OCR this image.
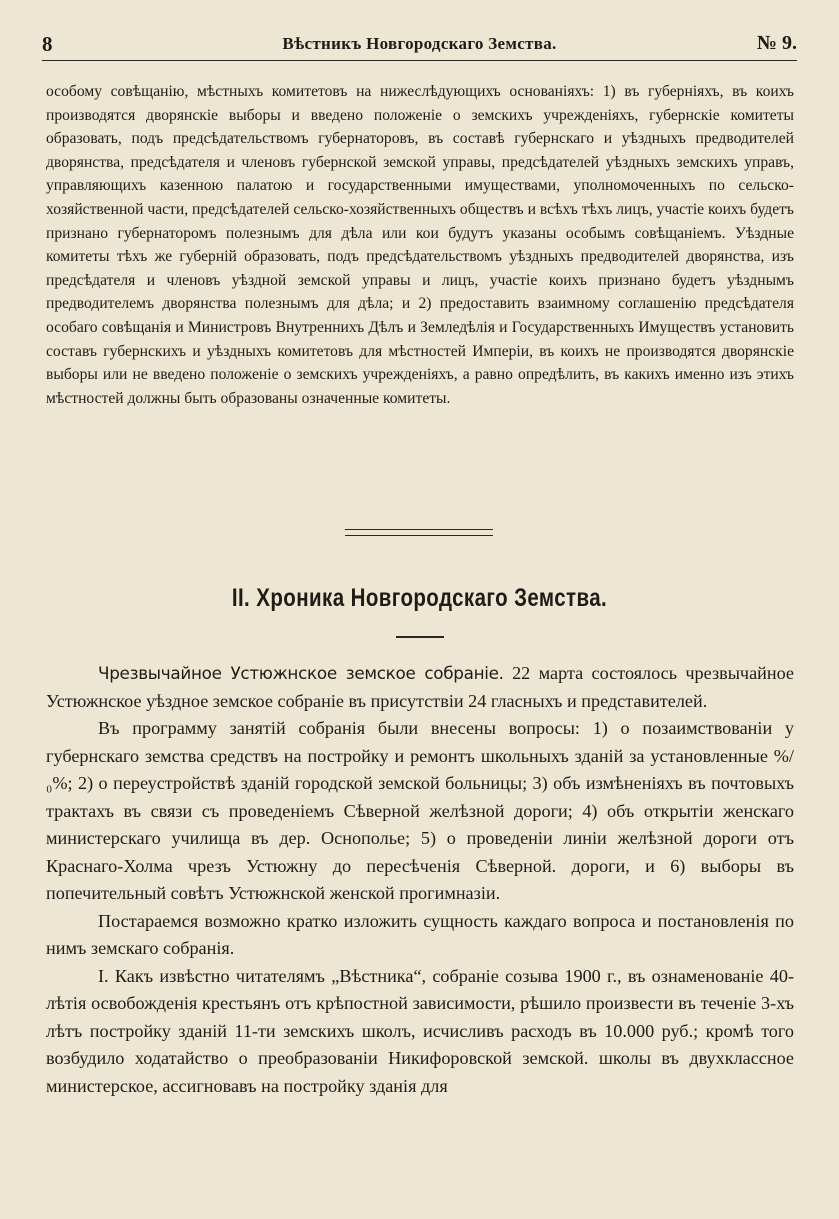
8	Вѣстникъ Новгородскаго Земства.	№ 9.

особому совѣщанію, мѣстныхъ комитетовъ на нижеслѣдующихъ основаніяхъ: 1) въ губерніяхъ, въ коихъ производятся дворянскіе выборы и введено положеніе о земскихъ учрежденіяхъ, губернскіе комитеты образовать, подъ предсѣдательствомъ губернаторовъ, въ составѣ губернскаго и уѣздныхъ предводителей дворянства, предсѣдателя и членовъ губернской земской управы, предсѣдателей уѣздныхъ земскихъ управъ, управляющихъ казенною палатою и государственными имуществами, уполномоченныхъ по сельско-хозяйственной части, предсѣдателей сельско-хозяйственныхъ обществъ и всѣхъ тѣхъ лицъ, участіе коихъ будетъ признано губернаторомъ полезнымъ для дѣла или кои будутъ указаны особымъ совѣщаніемъ. Уѣздные комитеты тѣхъ же губерній образовать, подъ предсѣдательствомъ уѣздныхъ предводителей дворянства, изъ предсѣдателя и членовъ уѣздной земской управы и лицъ, участіе коихъ признано будетъ уѣзднымъ предводителемъ дворянства полезнымъ для дѣла; и 2) предоставить взаимному соглашенію предсѣдателя особаго совѣщанія и Министровъ Внутреннихъ Дѣлъ и Земледѣлія и Государственныхъ Имуществъ установить составъ губернскихъ и уѣздныхъ комитетовъ для мѣстностей Имперіи, въ коихъ не производятся дворянскіе выборы или не введено положеніе о земскихъ учрежденіяхъ, а равно опредѣлить, въ какихъ именно изъ этихъ мѣстностей должны быть образованы означенные комитеты.

II. Хроника Новгородскаго Земства.

Чрезвычайное Устюжнское земское собраніе. 22 марта состоялось чрезвычайное Устюжнское уѣздное земское собраніе въ присутствіи 24 гласныхъ и представителей.

Въ программу занятій собранія были внесены вопросы: 1) о позаимствованіи у губернскаго земства средствъ на постройку и ремонтъ школьныхъ зданій за установленные %/₀%; 2) о переустройствѣ зданій городской земской больницы; 3) объ измѣненіяхъ въ почтовыхъ трактахъ въ связи съ проведеніемъ Сѣверной желѣзной дороги; 4) объ открытіи женскаго министерскаго училища въ дер. Оснополье; 5) о проведеніи линіи желѣзной дороги отъ Краснаго-Холма чрезъ Устюжну до пересѣченія Сѣверной. дороги, и 6) выборы въ попечительный совѣтъ Устюжнской женской прогимназіи.

Постараемся возможно кратко изложить сущность каждаго вопроса и постановленія по нимъ земскаго собранія.

I. Какъ извѣстно читателямъ „Вѣстника“, собраніе созыва 1900 г., въ ознаменованіе 40-лѣтія освобожденія крестьянъ отъ крѣпостной зависимости, рѣшило произвести въ теченіе 3-хъ лѣтъ постройку зданій 11-ти земскихъ школъ, исчисливъ расходъ въ 10.000 руб.; кромѣ того возбудило ходатайство о преобразованіи Никифоровской земской. школы въ двухклассное министерское, ассигновавъ на постройку зданія для
